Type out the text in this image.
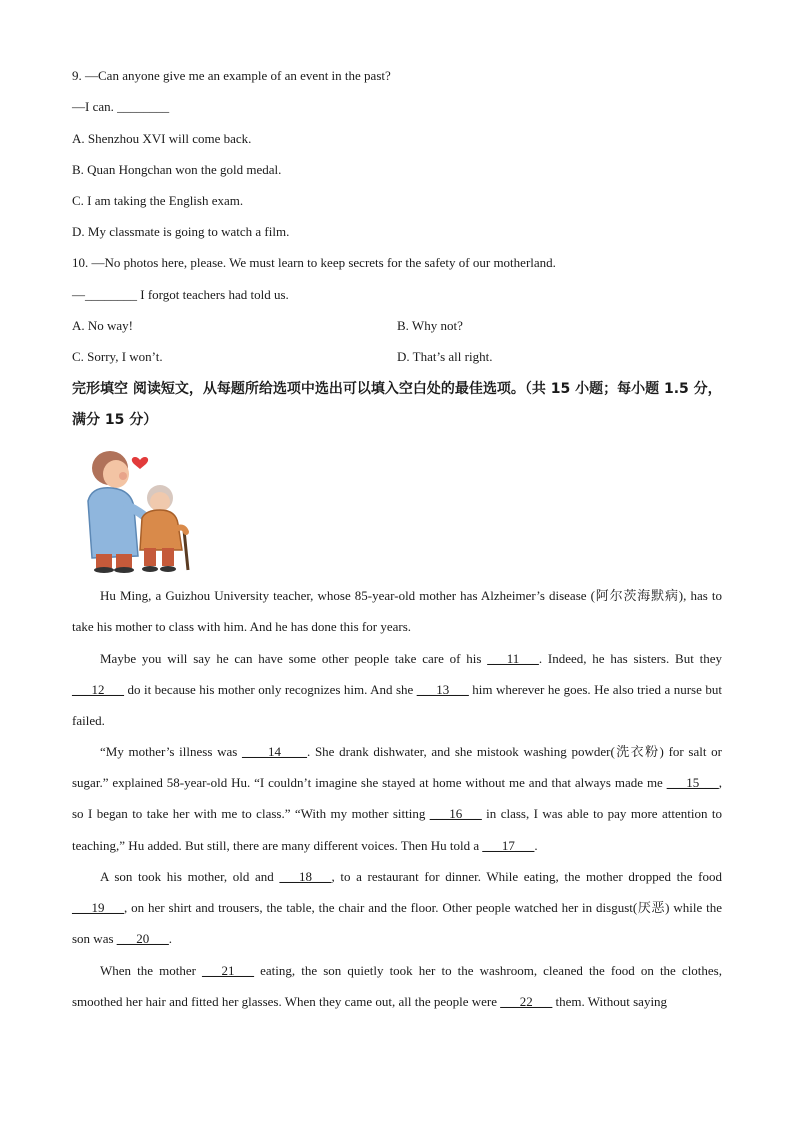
9. —Can anyone give me an example of an event in the past?
—I can. ________
A. Shenzhou XVI will come back.
B. Quan Hongchan won the gold medal.
C. I am taking the English exam.
D. My classmate is going to watch a film.
10. —No photos here, please. We must learn to keep secrets for the safety of our motherland.
—________ I forgot teachers had told us.
A. No way!	B. Why not?
C. Sorry, I won’t.	D. That’s all right.
完形填空 阅读短文，从每题所给选项中选出可以填入空白处的最佳选项。（共 15 小题；每小题 1.5 分，满分 15 分）
Hu Ming, a Guizhou University teacher, whose 85-year-old mother has Alzheimer’s disease (阿尔茨海默病), has to take his mother to class with him. And he has done this for years.
Maybe you will say he can have some other people take care of his ___11___. Indeed, he has sisters. But they ___12___ do it because his mother only recognizes him. And she ___13___ him wherever he goes. He also tried a nurse but failed.
“My mother’s illness was ____14____. She drank dishwater, and she mistook washing powder(洗衣粉) for salt or sugar.” explained 58-year-old Hu. “I couldn’t imagine she stayed at home without me and that always made me ___15___, so I began to take her with me to class.” “With my mother sitting ___16___ in class, I was able to pay more attention to teaching,” Hu added. But still, there are many different voices. Then Hu told a ___17___.
A son took his mother, old and ___18___, to a restaurant for dinner. While eating, the mother dropped the food ___19___, on her shirt and trousers, the table, the chair and the floor. Other people watched her in disgust(厌恶) while the son was ___20___.
When the mother ___21___ eating, the son quietly took her to the washroom, cleaned the food on the clothes, smoothed her hair and fitted her glasses. When they came out, all the people were ___22___ them. Without saying
